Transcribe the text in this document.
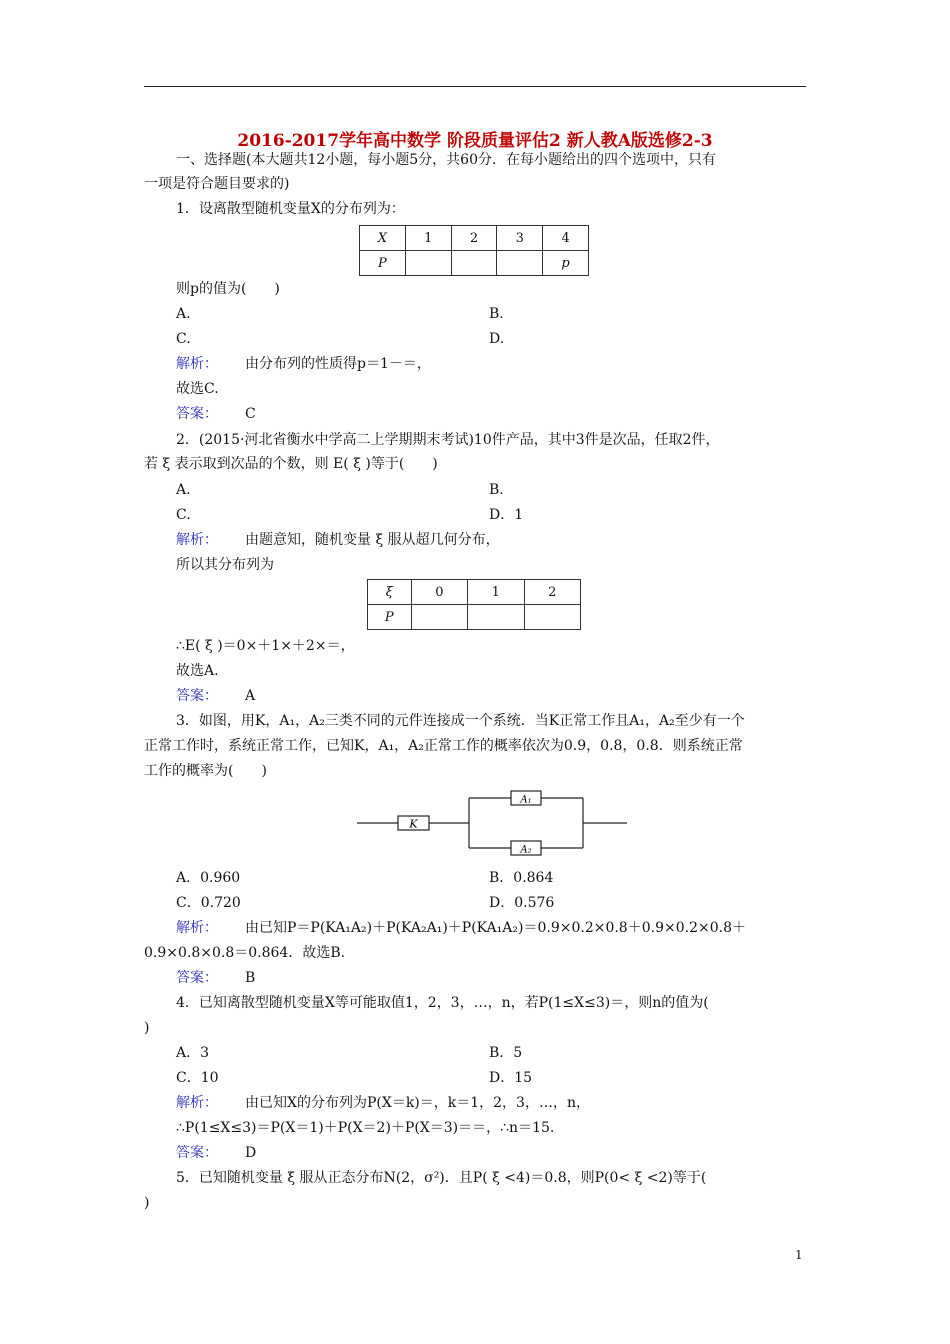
2016-2017学年高中数学 阶段质量评估2 新人教A版选修2-3
一、选择题(本大题共12小题，每小题5分，共60分．在每小题给出的四个选项中，只有
一项是符合题目要求的)
1．设离散型随机变量X的分布列为：
X	1	2	3	4
P				p
则p的值为(　　)
A.	B.
C.	D.
解析： 由分布列的性质得p＝1－＝，
故选C.
答案： C
2．(2015·河北省衡水中学高二上学期期末考试)10件产品，其中3件是次品，任取2件，
若 ξ 表示取到次品的个数，则 E( ξ )等于(　　)
A.	B.
C.	D．1
解析： 由题意知，随机变量 ξ 服从超几何分布，
所以其分布列为
ξ	0	1	2
P			
∴E( ξ )＝0×＋1×＋2×＝，
故选A.
答案： A
3．如图，用K，A₁，A₂三类不同的元件连接成一个系统．当K正常工作且A₁，A₂至少有一个
正常工作时，系统正常工作，已知K，A₁，A₂正常工作的概率依次为0.9，0.8，0.8．则系统正常
工作的概率为(　　)
K
A₁
A₂
A．0.960	B．0.864
C．0.720	D．0.576
解析： 由已知P＝P(KA₁A₂)＋P(KA₂A₁)＋P(KA₁A₂)＝0.9×0.2×0.8＋0.9×0.2×0.8＋
0.9×0.8×0.8＝0.864．故选B.
答案： B
4．已知离散型随机变量X等可能取值1，2，3，…，n，若P(1≤X≤3)＝，则n的值为(
)
A．3	B．5
C．10	D．15
解析： 由已知X的分布列为P(X＝k)＝，k＝1，2，3，…，n，
∴P(1≤X≤3)＝P(X＝1)＋P(X＝2)＋P(X＝3)＝＝，∴n＝15.
答案： D
5．已知随机变量 ξ 服从正态分布N(2，σ²)．且P( ξ <4)＝0.8，则P(0< ξ <2)等于(
)
1
